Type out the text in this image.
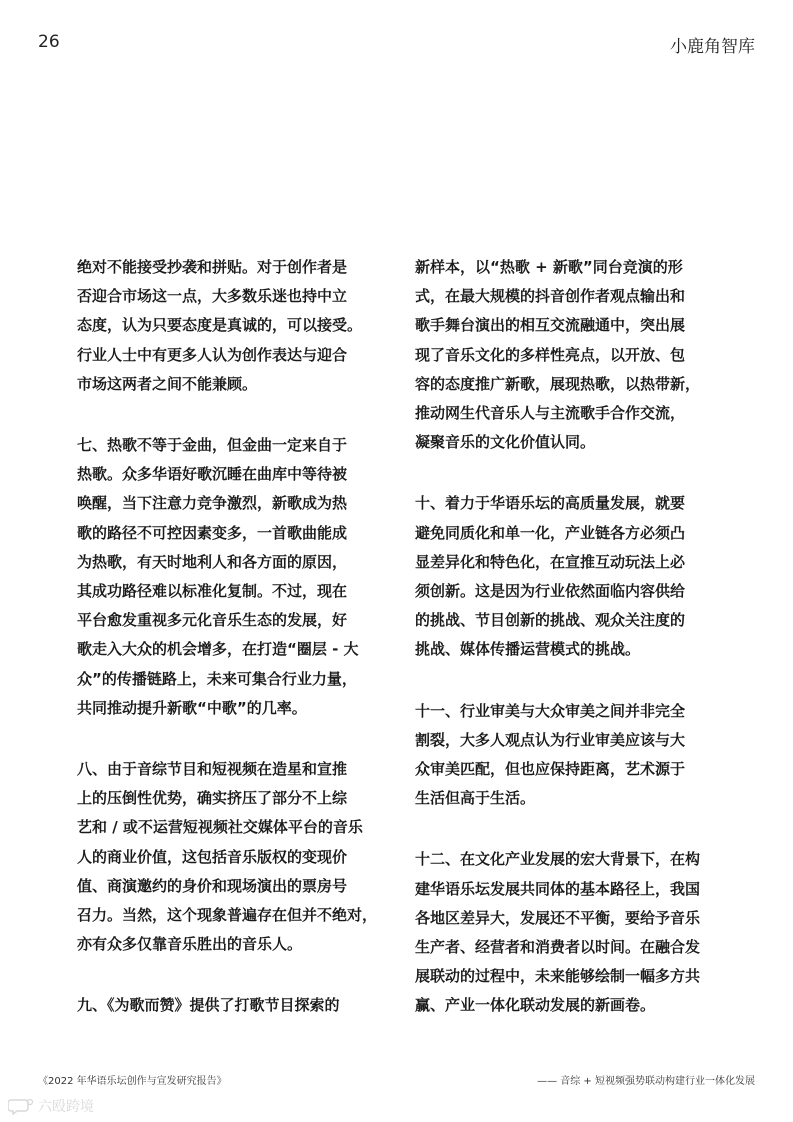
26	小鹿角智库

绝对不能接受抄袭和拼贴。对于创作者是
否迎合市场这一点，大多数乐迷也持中立
态度，认为只要态度是真诚的，可以接受。
行业人士中有更多人认为创作表达与迎合
市场这两者之间不能兼顾。

七、热歌不等于金曲，但金曲一定来自于
热歌。众多华语好歌沉睡在曲库中等待被
唤醒，当下注意力竞争激烈，新歌成为热
歌的路径不可控因素变多，一首歌曲能成
为热歌，有天时地利人和各方面的原因，
其成功路径难以标准化复制。不过，现在
平台愈发重视多元化音乐生态的发展，好
歌走入大众的机会增多，在打造“圈层 - 大
众”的传播链路上，未来可集合行业力量，
共同推动提升新歌“中歌”的几率。

八、由于音综节目和短视频在造星和宣推
上的压倒性优势，确实挤压了部分不上综
艺和 / 或不运营短视频社交媒体平台的音乐
人的商业价值，这包括音乐版权的变现价
值、商演邀约的身价和现场演出的票房号
召力。当然，这个现象普遍存在但并不绝对，
亦有众多仅靠音乐胜出的音乐人。

九、《为歌而赞》提供了打歌节目探索的

新样本，以“热歌 + 新歌”同台竞演的形
式，在最大规模的抖音创作者观点输出和
歌手舞台演出的相互交流融通中，突出展
现了音乐文化的多样性亮点，以开放、包
容的态度推广新歌，展现热歌，以热带新，
推动网生代音乐人与主流歌手合作交流，
凝聚音乐的文化价值认同。

十、着力于华语乐坛的高质量发展，就要
避免同质化和单一化，产业链各方必须凸
显差异化和特色化，在宣推互动玩法上必
须创新。这是因为行业依然面临内容供给
的挑战、节目创新的挑战、观众关注度的
挑战、媒体传播运营模式的挑战。

十一、行业审美与大众审美之间并非完全
割裂，大多人观点认为行业审美应该与大
众审美匹配，但也应保持距离，艺术源于
生活但高于生活。

十二、在文化产业发展的宏大背景下，在构
建华语乐坛发展共同体的基本路径上，我国
各地区差异大，发展还不平衡，要给予音乐
生产者、经营者和消费者以时间。在融合发
展联动的过程中，未来能够绘制一幅多方共
赢、产业一体化联动发展的新画卷。

《2022 年华语乐坛创作与宣发研究报告》	—— 音综 + 短视频强势联动构建行业一体化发展
六殴跨境
